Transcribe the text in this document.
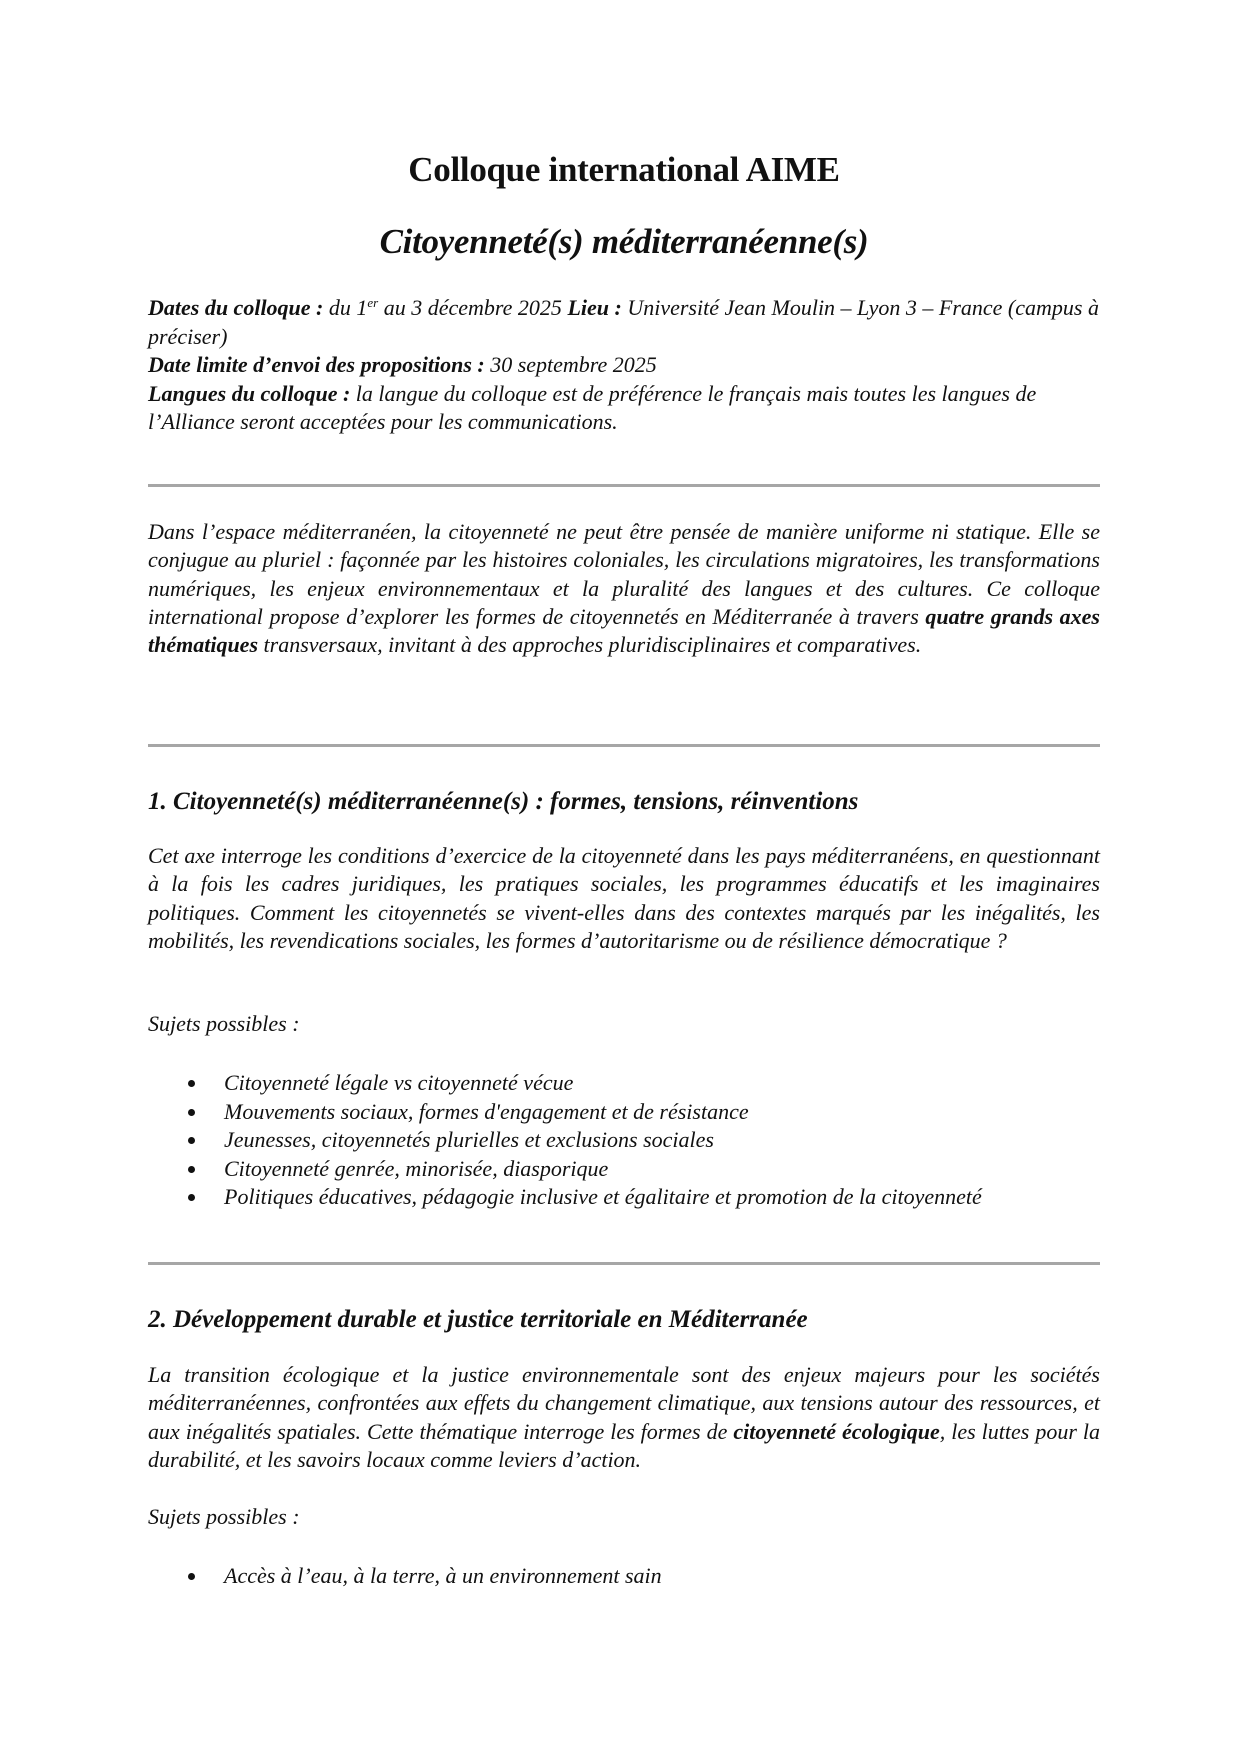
Colloque international AIME
Citoyenneté(s) méditerranéenne(s)
Dates du colloque : du 1er au 3 décembre 2025 Lieu : Université Jean Moulin – Lyon 3 – France (campus à préciser)
Date limite d’envoi des propositions : 30 septembre 2025
Langues du colloque : la langue du colloque est de préférence le français mais toutes les langues de l’Alliance seront acceptées pour les communications.
Dans l’espace méditerranéen, la citoyenneté ne peut être pensée de manière uniforme ni statique. Elle se conjugue au pluriel : façonnée par les histoires coloniales, les circulations migratoires, les transformations numériques, les enjeux environnementaux et la pluralité des langues et des cultures. Ce colloque international propose d’explorer les formes de citoyennetés en Méditerranée à travers quatre grands axes thématiques transversaux, invitant à des approches pluridisciplinaires et comparatives.
1. Citoyenneté(s) méditerranéenne(s) : formes, tensions, réinventions
Cet axe interroge les conditions d’exercice de la citoyenneté dans les pays méditerranéens, en questionnant à la fois les cadres juridiques, les pratiques sociales, les programmes éducatifs et les imaginaires politiques. Comment les citoyennetés se vivent-elles dans des contextes marqués par les inégalités, les mobilités, les revendications sociales, les formes d’autoritarisme ou de résilience démocratique ?
Sujets possibles :
Citoyenneté légale vs citoyenneté vécue
Mouvements sociaux, formes d'engagement et de résistance
Jeunesses, citoyennetés plurielles et exclusions sociales
Citoyenneté genrée, minorisée, diasporique
Politiques éducatives, pédagogie inclusive et égalitaire et promotion de la citoyenneté
2. Développement durable et justice territoriale en Méditerranée
La transition écologique et la justice environnementale sont des enjeux majeurs pour les sociétés méditerranéennes, confrontées aux effets du changement climatique, aux tensions autour des ressources, et aux inégalités spatiales. Cette thématique interroge les formes de citoyenneté écologique, les luttes pour la durabilité, et les savoirs locaux comme leviers d’action.
Sujets possibles :
Accès à l’eau, à la terre, à un environnement sain
